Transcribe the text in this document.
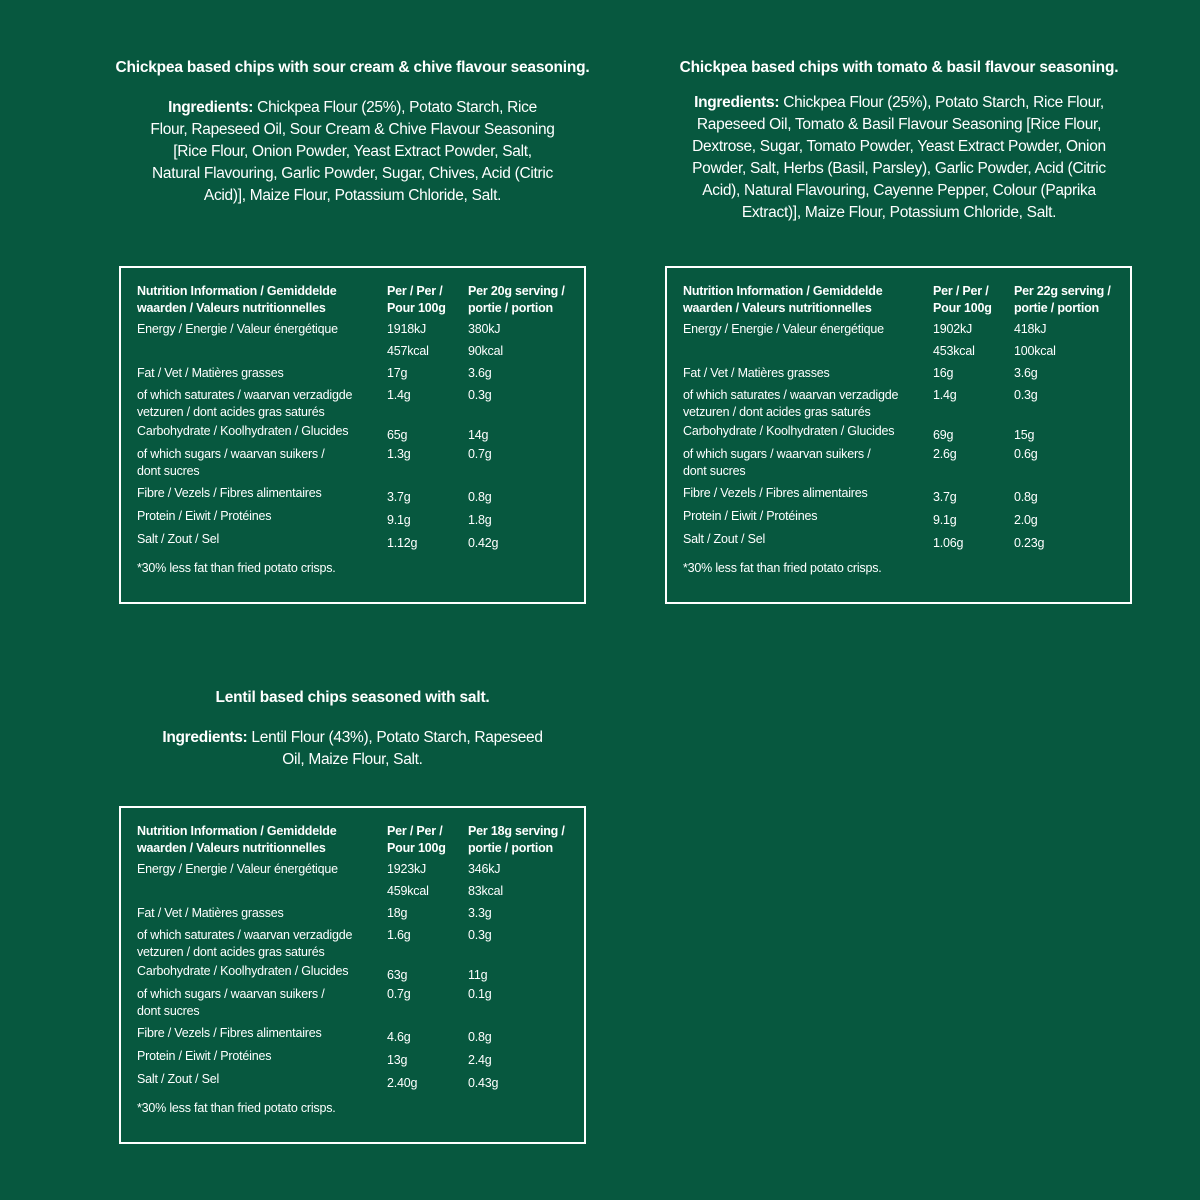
Chickpea based chips with sour cream & chive flavour seasoning.

Ingredients: Chickpea Flour (25%), Potato Starch, Rice Flour, Rapeseed Oil, Sour Cream & Chive Flavour Seasoning [Rice Flour, Onion Powder, Yeast Extract Powder, Salt, Natural Flavouring, Garlic Powder, Sugar, Chives, Acid (Citric Acid)], Maize Flour, Potassium Chloride, Salt.

Nutrition Information / Gemiddelde waarden / Valeurs nutritionnelles	Per / Per / Pour 100g	Per 20g serving / portie / portion
Energy / Energie / Valeur énergétique	1918kJ	380kJ
	457kcal	90kcal
Fat / Vet / Matières grasses	17g	3.6g
of which saturates / waarvan verzadigde vetzuren / dont acides gras saturés	1.4g	0.3g
Carbohydrate / Koolhydraten / Glucides	65g	14g

of which sugars / waarvan suikers / dont sucres	1.3g	0.7g
Fibre / Vezels / Fibres alimentaires	3.7g	0.8g
Protein / Eiwit / Protéines	9.1g	1.8g
Salt / Zout / Sel	1.12g	0.42g

*30% less fat than fried potato crisps.

Chickpea based chips with tomato & basil flavour seasoning.

Ingredients: Chickpea Flour (25%), Potato Starch, Rice Flour, Rapeseed Oil, Tomato & Basil Flavour Seasoning [Rice Flour, Dextrose, Sugar, Tomato Powder, Yeast Extract Powder, Onion Powder, Salt, Herbs (Basil, Parsley), Garlic Powder, Acid (Citric Acid), Natural Flavouring, Cayenne Pepper, Colour (Paprika Extract)], Maize Flour, Potassium Chloride, Salt.

Nutrition Information / Gemiddelde waarden / Valeurs nutritionnelles	Per / Per / Pour 100g	Per 22g serving / portie / portion
Energy / Energie / Valeur énergétique	1902kJ	418kJ
	453kcal	100kcal
Fat / Vet / Matières grasses	16g	3.6g
of which saturates / waarvan verzadigde vetzuren / dont acides gras saturés	1.4g	0.3g
Carbohydrate / Koolhydraten / Glucides	69g	15g

of which sugars / waarvan suikers / dont sucres	2.6g	0.6g
Fibre / Vezels / Fibres alimentaires	3.7g	0.8g
Protein / Eiwit / Protéines	9.1g	2.0g
Salt / Zout / Sel	1.06g	0.23g

*30% less fat than fried potato crisps.

Lentil based chips seasoned with salt.

Ingredients: Lentil Flour (43%), Potato Starch, Rapeseed Oil, Maize Flour, Salt.

Nutrition Information / Gemiddelde waarden / Valeurs nutritionnelles	Per / Per / Pour 100g	Per 18g serving / portie / portion
Energy / Energie / Valeur énergétique	1923kJ	346kJ
	459kcal	83kcal
Fat / Vet / Matières grasses	18g	3.3g
of which saturates / waarvan verzadigde vetzuren / dont acides gras saturés	1.6g	0.3g
Carbohydrate / Koolhydraten / Glucides	63g	11g

of which sugars / waarvan suikers / dont sucres	0.7g	0.1g
Fibre / Vezels / Fibres alimentaires	4.6g	0.8g
Protein / Eiwit / Protéines	13g	2.4g
Salt / Zout / Sel	2.40g	0.43g

*30% less fat than fried potato crisps.
